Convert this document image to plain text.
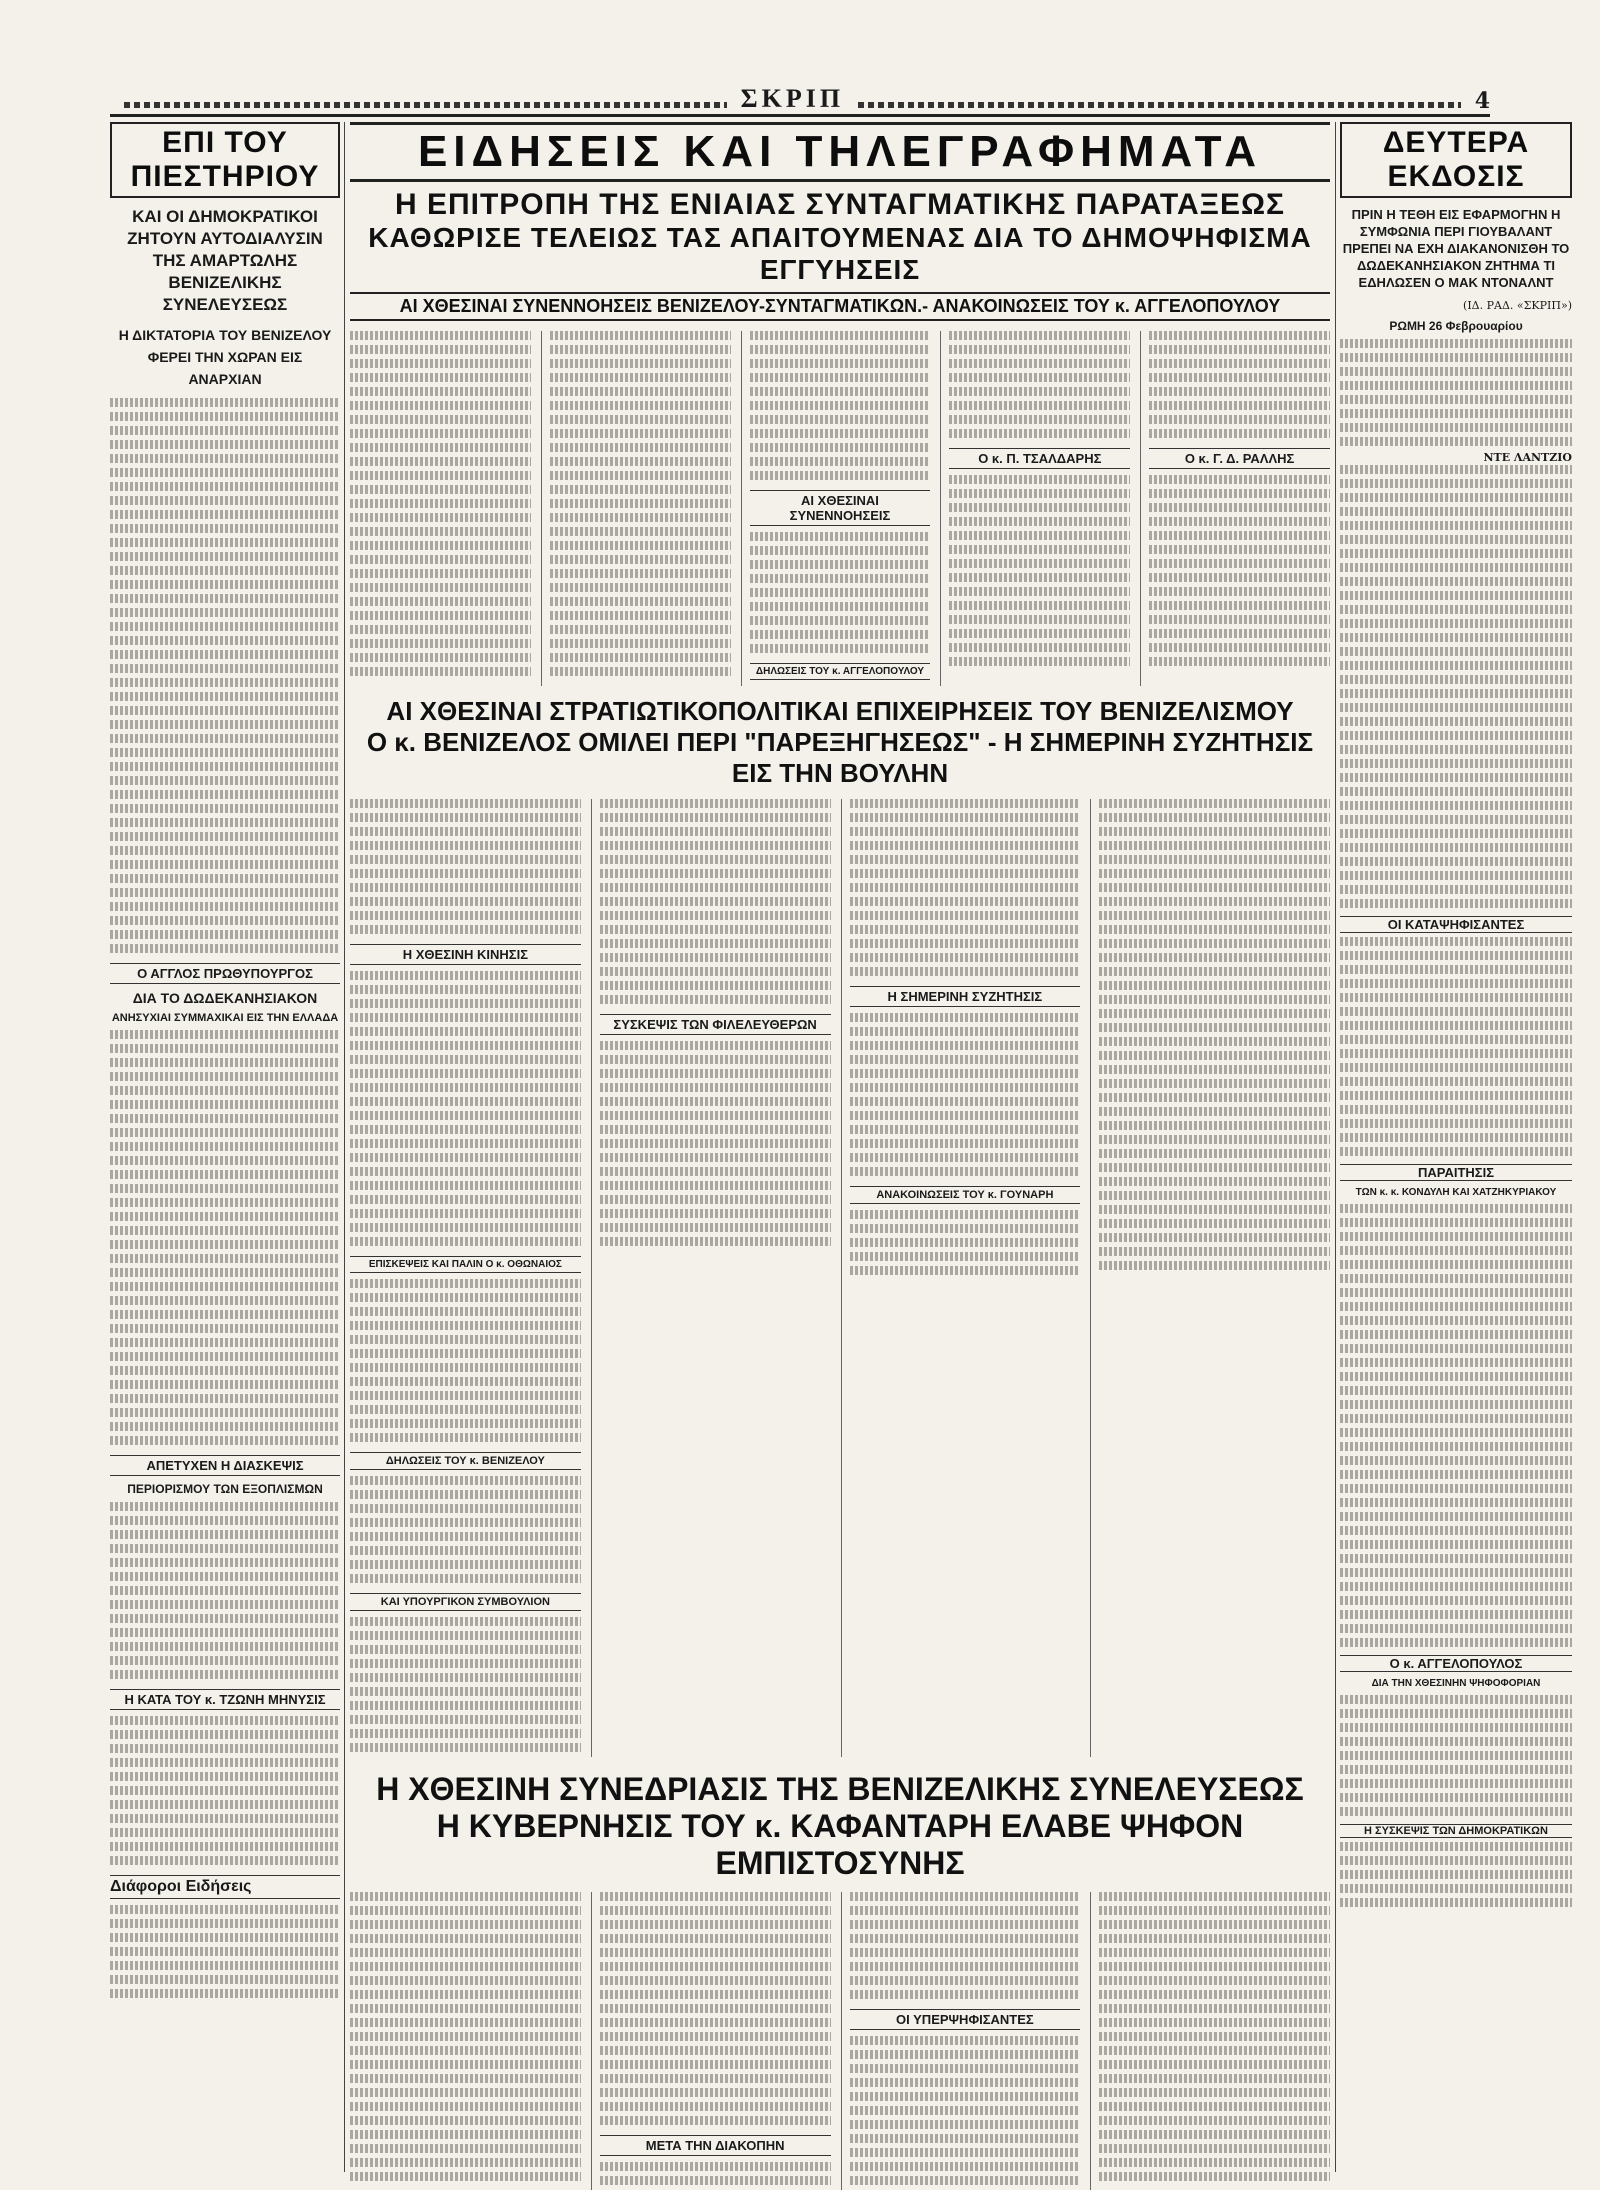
ΣΚΡΙΠ	4
ΕΠΙ ΤΟΥ ΠΙΕΣΤΗΡΙΟΥ
ΚΑΙ ΟΙ ΔΗΜΟΚΡΑΤΙΚΟΙ ΖΗΤΟΥΝ ΑΥΤΟΔΙΑΛΥΣΙΝ ΤΗΣ ΑΜΑΡΤΩΛΗΣ ΒΕΝΙΖΕΛΙΚΗΣ ΣΥΝΕΛΕΥΣΕΩΣ
Η ΔΙΚΤΑΤΟΡΙΑ ΤΟΥ ΒΕΝΙΖΕΛΟΥ ΦΕΡΕΙ ΤΗΝ ΧΩΡΑΝ ΕΙΣ ΑΝΑΡΧΙΑΝ
Ο ΑΓΓΛΟΣ ΠΡΩΘΥΠΟΥΡΓΟΣ
ΔΙΑ ΤΟ ΔΩΔΕΚΑΝΗΣΙΑΚΟΝ
ΑΝΗΣΥΧΙΑΙ ΣΥΜΜΑΧΙΚΑΙ ΕΙΣ ΤΗΝ ΕΛΛΑΔΑ
ΑΠΕΤΥΧΕΝ Η ΔΙΑΣΚΕΨΙΣ
ΠΕΡΙΟΡΙΣΜΟΥ ΤΩΝ ΕΞΟΠΛΙΣΜΩΝ
Η ΚΑΤΑ ΤΟΥ κ. ΤΖΩΝΗ ΜΗΝΥΣΙΣ
Διάφοροι Ειδήσεις
ΕΙΔΗΣΕΙΣ ΚΑΙ ΤΗΛΕΓΡΑΦΗΜΑΤΑ
Η ΕΠΙΤΡΟΠΗ ΤΗΣ ΕΝΙΑΙΑΣ ΣΥΝΤΑΓΜΑΤΙΚΗΣ ΠΑΡΑΤΑΞΕΩΣ
ΚΑΘΩΡΙΣΕ ΤΕΛΕΙΩΣ ΤΑΣ ΑΠΑΙΤΟΥΜΕΝΑΣ ΔΙΑ ΤΟ ΔΗΜΟΨΗΦΙΣΜΑ ΕΓΓΥΗΣΕΙΣ
ΑΙ ΧΘΕΣΙΝΑΙ ΣΥΝΕΝΝΟΗΣΕΙΣ ΒΕΝΙΖΕΛΟΥ-ΣΥΝΤΑΓΜΑΤΙΚΩΝ.- ΑΝΑΚΟΙΝΩΣΕΙΣ ΤΟΥ κ. ΑΓΓΕΛΟΠΟΥΛΟΥ
ΑΙ ΧΘΕΣΙΝΑΙ ΣΥΝΕΝΝΟΗΣΕΙΣ
ΔΗΛΩΣΕΙΣ ΤΟΥ κ. ΑΓΓΕΛΟΠΟΥΛΟΥ
Ο κ. Π. ΤΣΑΛΔΑΡΗΣ	Ο κ. Γ. Δ. ΡΑΛΛΗΣ
ΑΙ ΧΘΕΣΙΝΑΙ ΣΤΡΑΤΙΩΤΙΚΟΠΟΛΙΤΙΚΑΙ ΕΠΙΧΕΙΡΗΣΕΙΣ ΤΟΥ ΒΕΝΙΖΕΛΙΣΜΟΥ
Ο κ. ΒΕΝΙΖΕΛΟΣ ΟΜΙΛΕΙ ΠΕΡΙ "ΠΑΡΕΞΗΓΗΣΕΩΣ" - Η ΣΗΜΕΡΙΝΗ ΣΥΖΗΤΗΣΙΣ ΕΙΣ ΤΗΝ ΒΟΥΛΗΝ
Η ΧΘΕΣΙΝΗ ΚΙΝΗΣΙΣ
ΕΠΙΣΚΕΨΕΙΣ ΚΑΙ ΠΑΛΙΝ Ο κ. ΟΘΩΝΑΙΟΣ
ΔΗΛΩΣΕΙΣ ΤΟΥ κ. ΒΕΝΙΖΕΛΟΥ
ΚΑΙ ΥΠΟΥΡΓΙΚΟΝ ΣΥΜΒΟΥΛΙΟΝ
ΣΥΣΚΕΨΙΣ ΤΩΝ ΦΙΛΕΛΕΥΘΕΡΩΝ
Η ΣΗΜΕΡΙΝΗ ΣΥΖΗΤΗΣΙΣ
ΑΝΑΚΟΙΝΩΣΕΙΣ ΤΟΥ κ. ΓΟΥΝΑΡΗ
Η ΧΘΕΣΙΝΗ ΣΥΝΕΔΡΙΑΣΙΣ ΤΗΣ ΒΕΝΙΖΕΛΙΚΗΣ ΣΥΝΕΛΕΥΣΕΩΣ
Η ΚΥΒΕΡΝΗΣΙΣ ΤΟΥ κ. ΚΑΦΑΝΤΑΡΗ ΕΛΑΒΕ ΨΗΦΟΝ ΕΜΠΙΣΤΟΣΥΝΗΣ
ΜΕΤΑ ΤΗΝ ΔΙΑΚΟΠΗΝ
ΟΙ ΥΠΕΡΨΗΦΙΣΑΝΤΕΣ
ΔΕΥΤΕΡΑ ΕΚΔΟΣΙΣ
ΠΡΙΝ Η ΤΕΘΗ ΕΙΣ ΕΦΑΡΜΟΓΗΝ Η ΣΥΜΦΩΝΙΑ ΠΕΡΙ ΓΙΟΥΒΑΛΑΝΤ ΠΡΕΠΕΙ ΝΑ ΕΧΗ ΔΙΑΚΑΝΟΝΙΣΘΗ ΤΟ ΔΩΔΕΚΑΝΗΣΙΑΚΟΝ ΖΗΤΗΜΑ ΤΙ ΕΔΗΛΩΣΕΝ Ο ΜΑΚ ΝΤΟΝΑΛΝΤ
(ΙΔ. ΡΑΔ. «ΣΚΡΙΠ»)
ΡΩΜΗ 26 Φεβρουαρίου
ΝΤΕ ΛΑΝΤΖΙΟ
ΟΙ ΚΑΤΑΨΗΦΙΣΑΝΤΕΣ
ΠΑΡΑΙΤΗΣΙΣ
ΤΩΝ κ. κ. ΚΟΝΔΥΛΗ ΚΑΙ ΧΑΤΖΗΚΥΡΙΑΚΟΥ
Ο κ. ΑΓΓΕΛΟΠΟΥΛΟΣ
ΔΙΑ ΤΗΝ ΧΘΕΣΙΝΗΝ ΨΗΦΟΦΟΡΙΑΝ
Η ΣΥΣΚΕΨΙΣ ΤΩΝ ΔΗΜΟΚΡΑΤΙΚΩΝ
